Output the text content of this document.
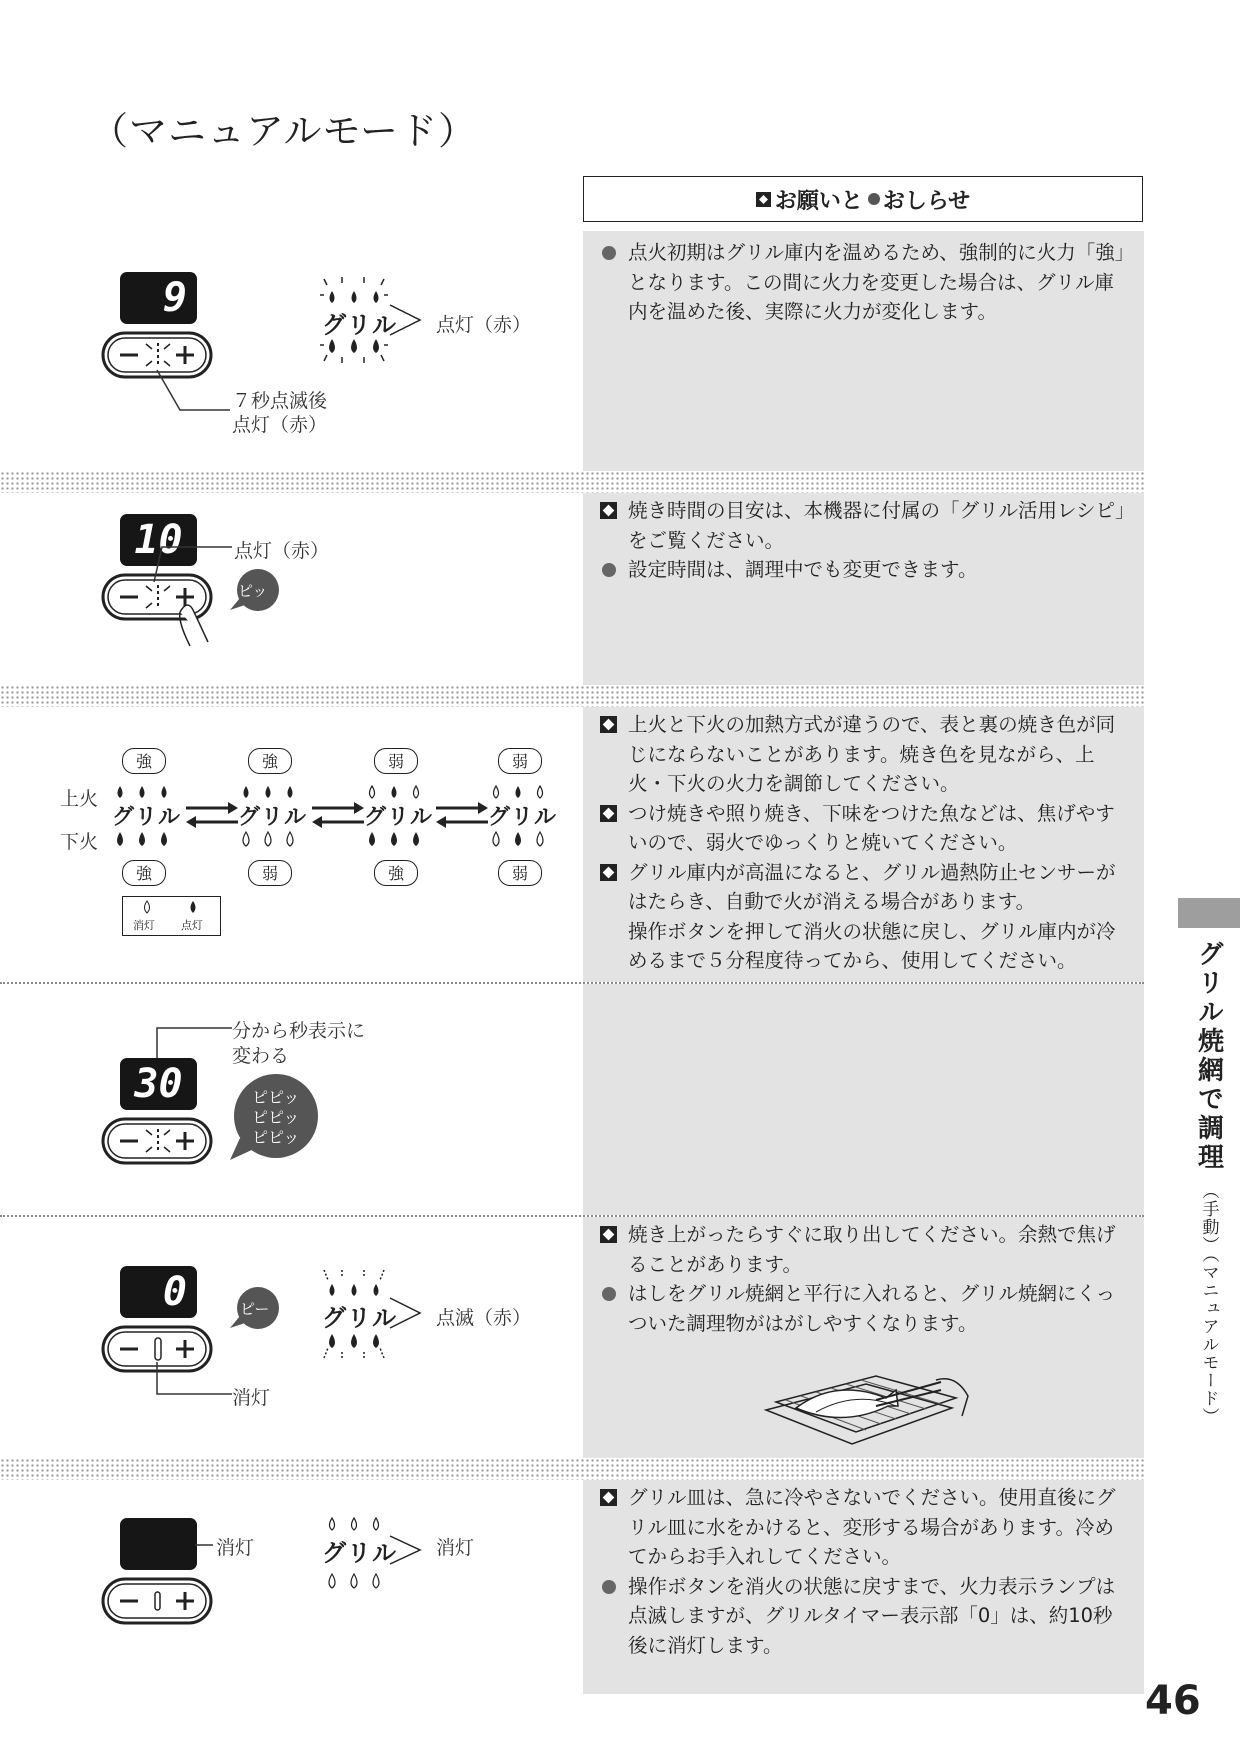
（マニュアルモード）
お願いと おしらせ
9
７秒点滅後
点灯（赤）
グリル 点灯（赤）
点火初期はグリル庫内を温めるため、強制的に火力「強」となります。この間に火力を変更した場合は、グリル庫内を温めた後、実際に火力が変化します。
10	点灯（赤）
ピッ
焼き時間の目安は、本機器に付属の「グリル活用レシピ」をご覧ください。
設定時間は、調理中でも変更できます。
上火
下火
強
強
グリル
強
弱
グリル
弱
強
グリル
弱
弱
グリル
消灯 点灯
上火と下火の加熱方式が違うので、表と裏の焼き色が同じにならないことがあります。焼き色を見ながら、上火・下火の火力を調節してください。
つけ焼きや照り焼き、下味をつけた魚などは、焦げやすいので、弱火でゆっくりと焼いてください。
グリル庫内が高温になると、グリル過熱防止センサーがはたらき、自動で火が消える場合があります。
操作ボタンを押して消火の状態に戻し、グリル庫内が冷めるまで５分程度待ってから、使用してください。
分から秒表示に
変わる
30	ピピッ
ピピッ
ピピッ
0
消灯
ピー グリル 点滅（赤）
焼き上がったらすぐに取り出してください。余熱で焦げることがあります。
はしをグリル焼網と平行に入れると、グリル焼網にくっついた調理物がはがしやすくなります。
消灯	グリル 消灯
グリル皿は、急に冷やさないでください。使用直後にグリル皿に水をかけると、変形する場合があります。冷めてからお手入れしてください。
操作ボタンを消火の状態に戻すまで、火力表示ランプは点滅しますが、グリルタイマー表示部「0」は、約10秒後に消灯します。
グリル焼網で調理
（手動）（マニュアルモード）
46
